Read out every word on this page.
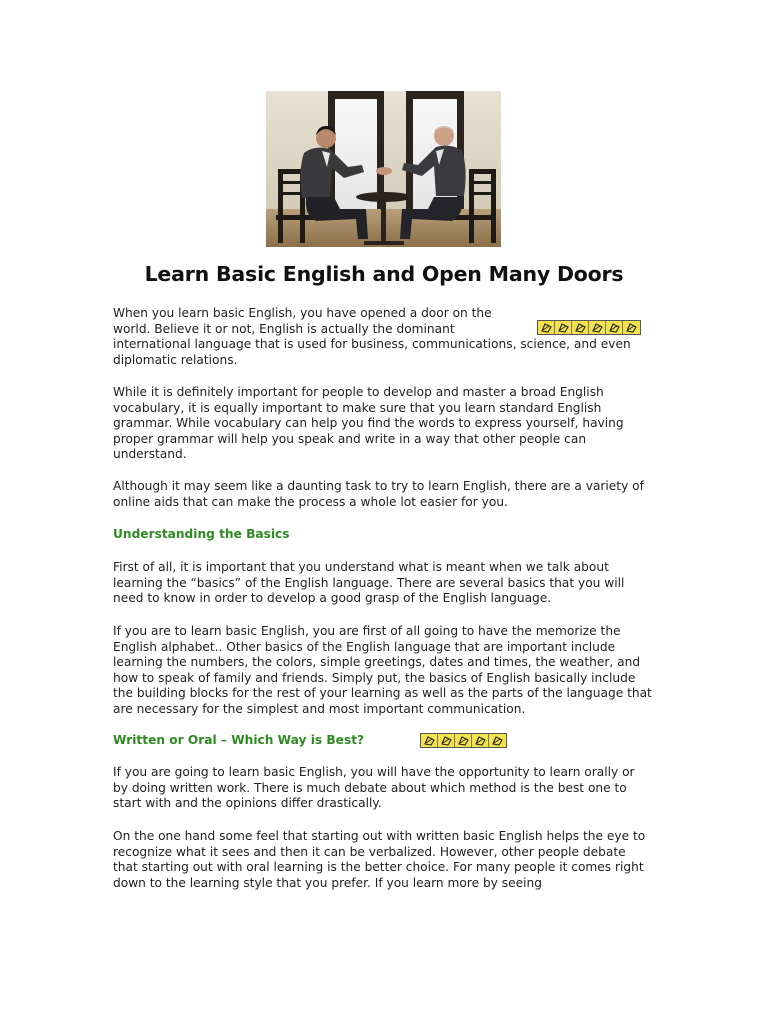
Learn Basic English and Open Many Doors
When you learn basic English, you have opened a door on the
world. Believe it or not, English is actually the dominant
international language that is used for business, communications, science, and even
diplomatic relations.

While it is definitely important for people to develop and master a broad English vocabulary, it is equally important to make sure that you learn standard English grammar. While vocabulary can help you find the words to express yourself, having proper grammar will help you speak and write in a way that other people can understand.

Although it may seem like a daunting task to try to learn English, there are a variety of online aids that can make the process a whole lot easier for you.

Understanding the Basics

First of all, it is important that you understand what is meant when we talk about learning the “basics” of the English language. There are several basics that you will need to know in order to develop a good grasp of the English language.

If you are to learn basic English, you are first of all going to have the memorize the English alphabet.. Other basics of the English language that are important include learning the numbers, the colors, simple greetings, dates and times, the weather, and how to speak of family and friends. Simply put, the basics of English basically include the building blocks for the rest of your learning as well as the parts of the language that are necessary for the simplest and most important communication.

Written or Oral – Which Way is Best?

If you are going to learn basic English, you will have the opportunity to learn orally or by doing written work. There is much debate about which method is the best one to start with and the opinions differ drastically.

On the one hand some feel that starting out with written basic English helps the eye to recognize what it sees and then it can be verbalized. However, other people debate that starting out with oral learning is the better choice. For many people it comes right down to the learning style that you prefer. If you learn more by seeing
